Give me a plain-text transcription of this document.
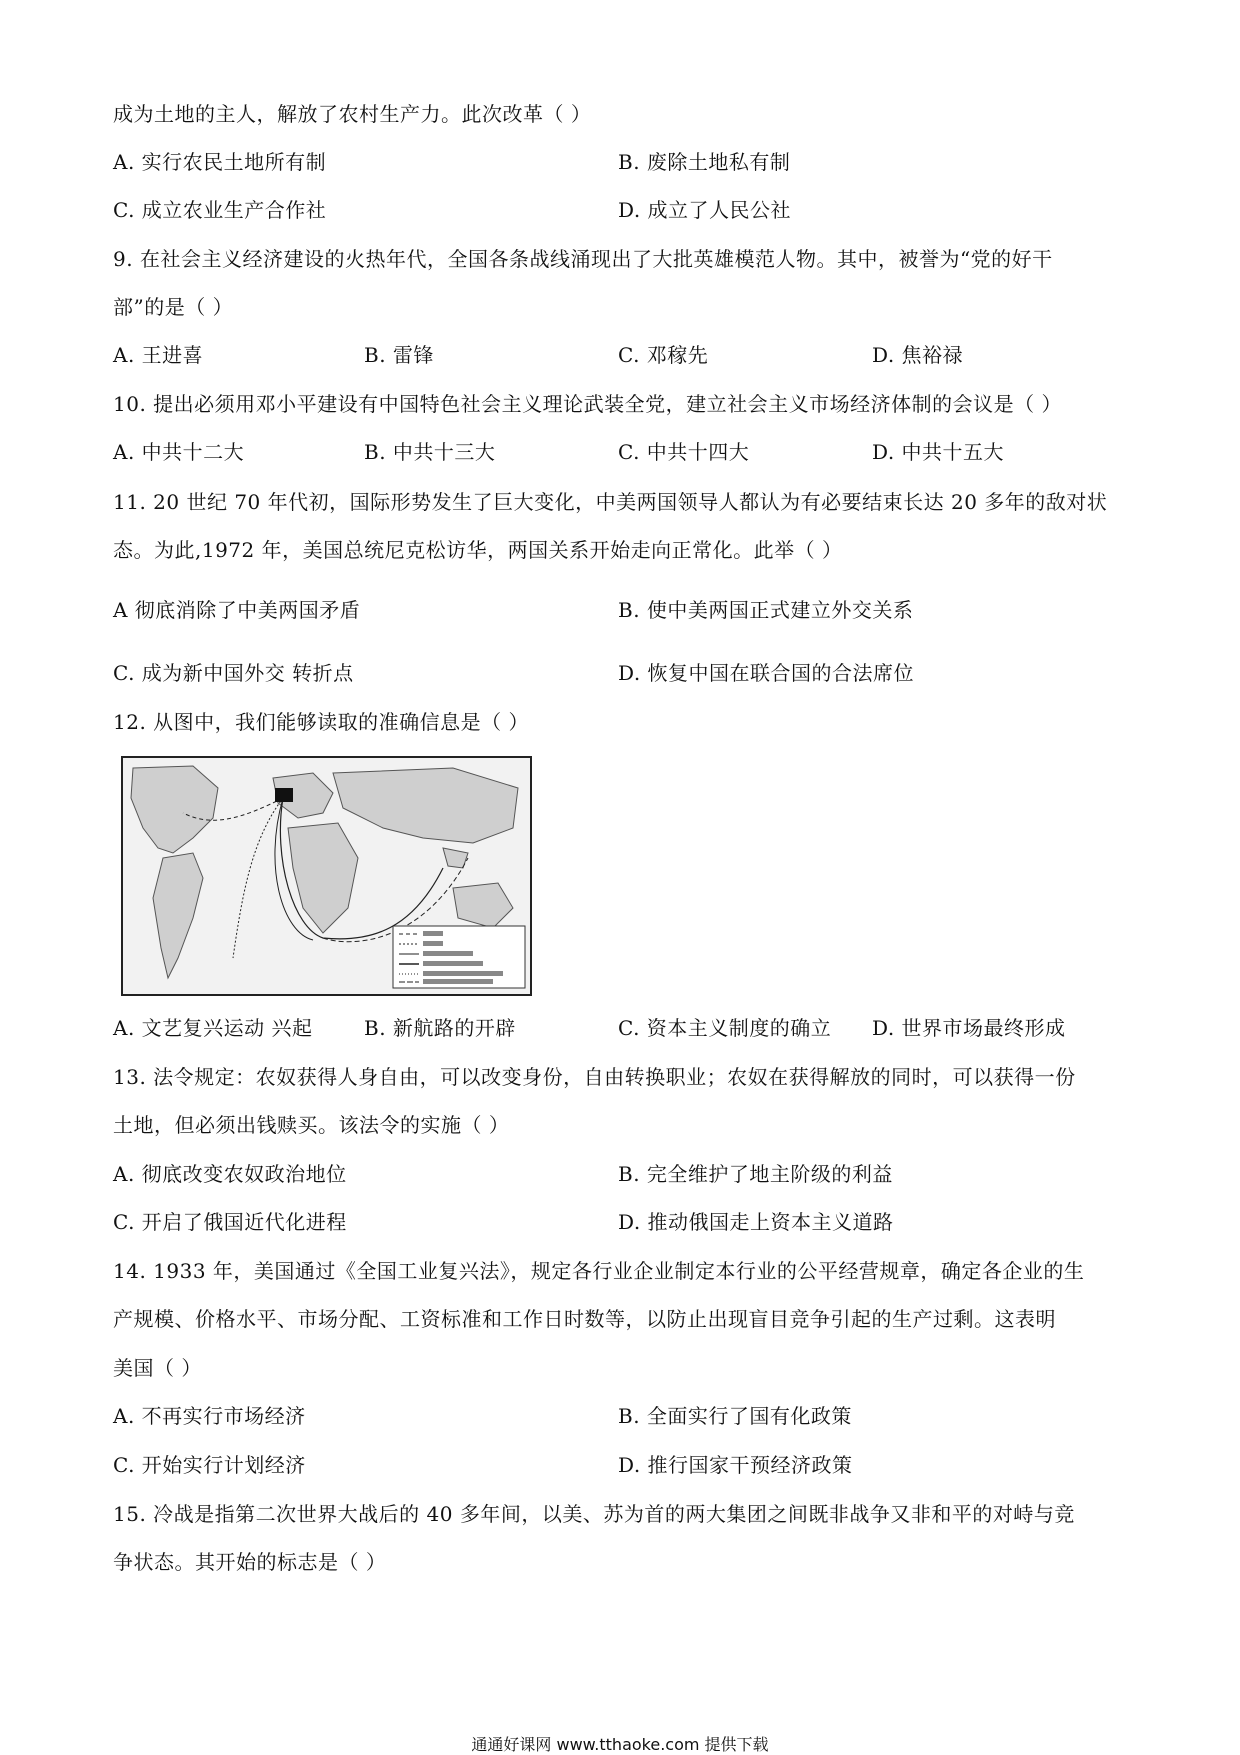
成为土地的主人，解放了农村生产力。此次改革（ ）
A. 实行农民土地所有制	B. 废除土地私有制
C. 成立农业生产合作社	D. 成立了人民公社
9. 在社会主义经济建设的火热年代，全国各条战线涌现出了大批英雄模范人物。其中，被誉为“党的好干
部”的是（ ）
A. 王进喜	B. 雷锋	C. 邓稼先	D. 焦裕禄
10. 提出必须用邓小平建设有中国特色社会主义理论武装全党，建立社会主义市场经济体制的会议是（ ）
A. 中共十二大	B. 中共十三大	C. 中共十四大	D. 中共十五大
11. 20 世纪 70 年代初，国际形势发生了巨大变化，中美两国领导人都认为有必要结束长达 20 多年的敌对状
态。为此,1972 年，美国总统尼克松访华，两国关系开始走向正常化。此举（ ）
A 彻底消除了中美两国矛盾	B. 使中美两国正式建立外交关系
C. 成为新中国外交 转折点	D. 恢复中国在联合国的合法席位
12. 从图中，我们能够读取的准确信息是（ ）
A. 文艺复兴运动 兴起	B. 新航路的开辟	C. 资本主义制度的确立 D. 世界市场最终形成
13. 法令规定：农奴获得人身自由，可以改变身份，自由转换职业；农奴在获得解放的同时，可以获得一份
土地，但必须出钱赎买。该法令的实施（ ）
A. 彻底改变农奴政治地位	B. 完全维护了地主阶级的利益
C. 开启了俄国近代化进程	D. 推动俄国走上资本主义道路
14. 1933 年，美国通过《全国工业复兴法》，规定各行业企业制定本行业的公平经营规章，确定各企业的生
产规模、价格水平、市场分配、工资标准和工作日时数等，以防止出现盲目竞争引起的生产过剩。这表明
美国（ ）
A. 不再实行市场经济	B. 全面实行了国有化政策
C. 开始实行计划经济	D. 推行国家干预经济政策
15. 冷战是指第二次世界大战后的 40 多年间，以美、苏为首的两大集团之间既非战争又非和平的对峙与竞
争状态。其开始的标志是（ ）
通通好课网 www.tthaoke.com 提供下载
